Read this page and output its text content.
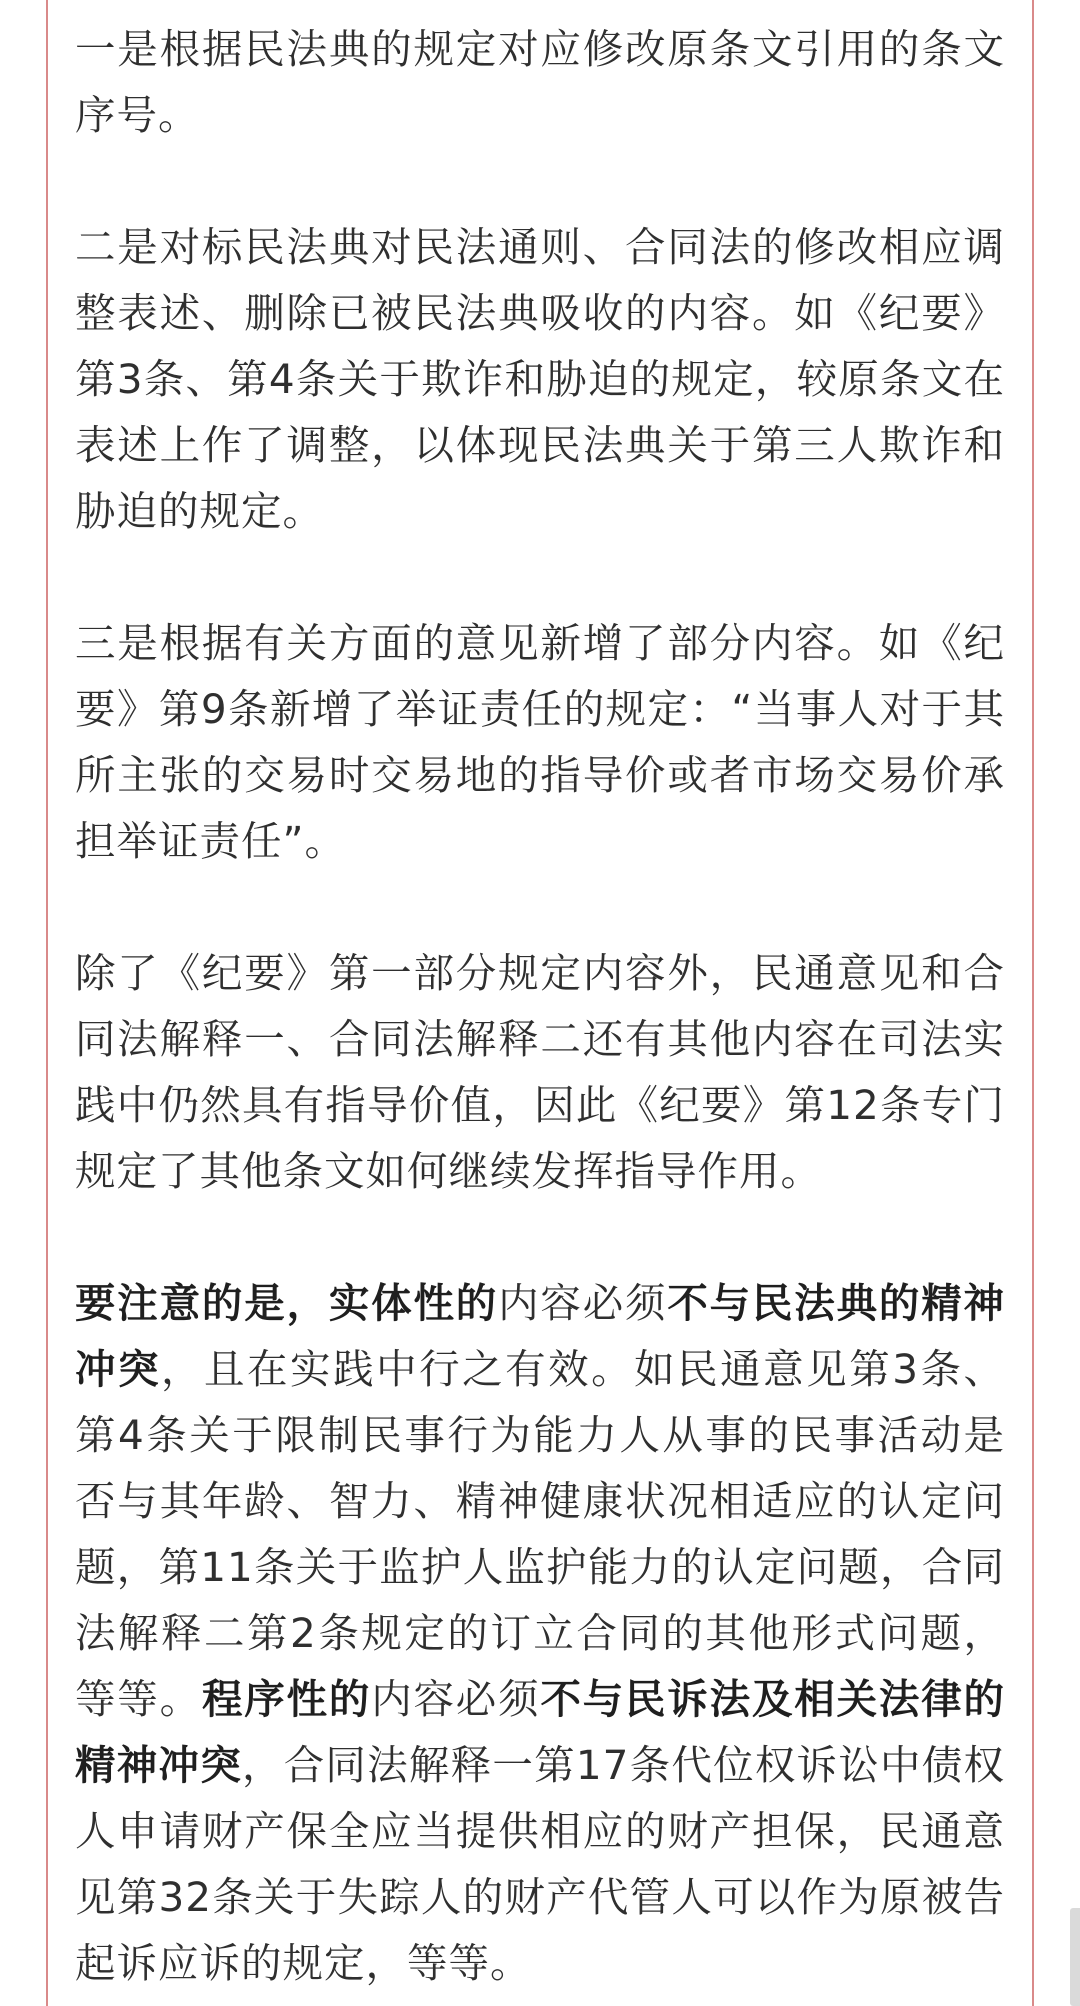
一是根据民法典的规定对应修改原条文引用的条文序号。

二是对标民法典对民法通则、合同法的修改相应调整表述、删除已被民法典吸收的内容。如《纪要》第3条、第4条关于欺诈和胁迫的规定，较原条文在表述上作了调整，以体现民法典关于第三人欺诈和胁迫的规定。

三是根据有关方面的意见新增了部分内容。如《纪要》第9条新增了举证责任的规定：“当事人对于其所主张的交易时交易地的指导价或者市场交易价承担举证责任”。

除了《纪要》第一部分规定内容外，民通意见和合同法解释一、合同法解释二还有其他内容在司法实践中仍然具有指导价值，因此《纪要》第12条专门规定了其他条文如何继续发挥指导作用。

要注意的是，实体性的内容必须不与民法典的精神冲突，且在实践中行之有效。如民通意见第3条、第4条关于限制民事行为能力人从事的民事活动是否与其年龄、智力、精神健康状况相适应的认定问题，第11条关于监护人监护能力的认定问题，合同法解释二第2条规定的订立合同的其他形式问题，等等。程序性的内容必须不与民诉法及相关法律的精神冲突，合同法解释一第17条代位权诉讼中债权人申请财产保全应当提供相应的财产担保，民通意见第32条关于失踪人的财产代管人可以作为原被告起诉应诉的规定，等等。
